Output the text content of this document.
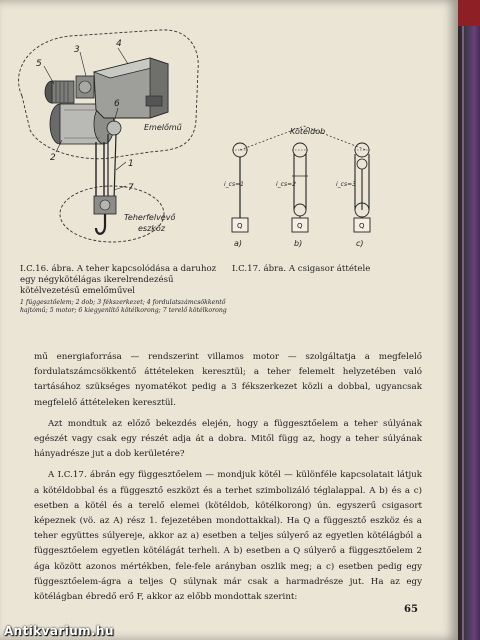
5
3
4
2
6
1
7
Emelőmű
Teherfelvevő
eszköz
I.C.16. ábra. A teher kapcsolódása a daruhoz egy négykötélágas ikerelrendezésű kötélvezetésű emelőművel
1 függesztőelem; 2 dob; 3 fékszerkezet; 4 fordulatszámcsökkentő hajtómű; 5 motor; 6 kiegyenlítő kötélkorong; 7 terelő kötélkorong
Kötéldob
Q
i_cs=1
a)
Q
i_cs=2
b)
Q
i_cs=3
c)
I.C.17. ábra. A csigasor áttétele

mű energiaforrása — rendszerint villamos motor — szolgáltatja a megfelelő fordulatszámcsökkentő áttételeken keresztül; a teher felemelt helyzetében való tartásához szükséges nyomatékot pedig a 3 fékszerkezet közli a dobbal, ugyancsak megfelelő áttételeken keresztül.

Azt mondtuk az előző bekezdés elején, hogy a függesztőelem a teher súlyának egészét vagy csak egy részét adja át a dobra. Mitől függ az, hogy a teher súlyának hányadrésze jut a dob kerületére?

A I.C.17. ábrán egy függesztőelem — mondjuk kötél — különféle kapcsolatait látjuk a kötéldobbal és a függesztő eszközt és a terhet szimbolizáló téglalappal. A b) és a c) esetben a kötél és a terelő elemei (kötéldob, kötélkorong) ún. egyszerű csigasort képeznek (vö. az A) rész 1. fejezetében mondottakkal). Ha Q a függesztő eszköz és a teher együttes súlyereje, akkor az a) esetben a teljes súlyerő az egyetlen kötélágból a függesztőelem egyetlen kötélágát terheli. A b) esetben a Q súlyerő a függesztőelem 2 ága között azonos mértékben, fele-fele arányban oszlik meg; a c) esetben pedig egy függesztőelem-ágra a teljes Q súlynak már csak a harmadrésze jut. Ha az egy kötélágban ébredő erő F, akkor az előbb mondottak szerint:

65
Antikvarium.hu
